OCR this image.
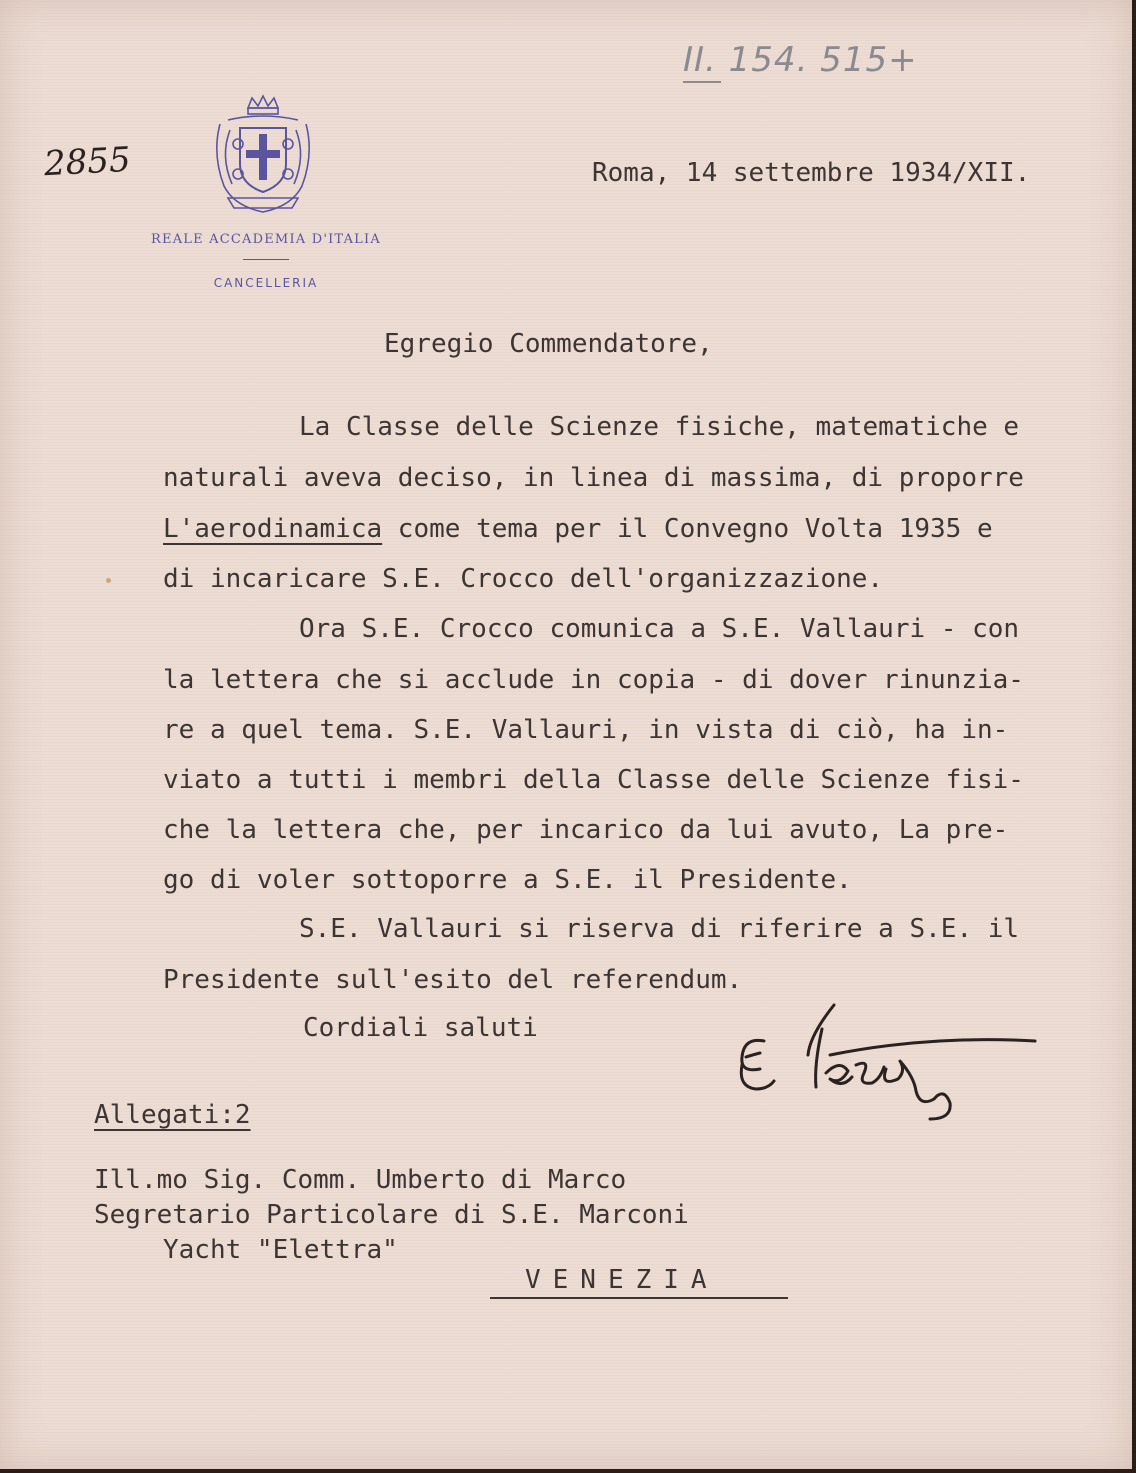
II. 154. 515+
2855
REALE ACCADEMIA D'ITALIA
CANCELLERIA
Roma, 14 settembre 1934/XII.
Egregio Commendatore,
La Classe delle Scienze fisiche, matematiche e
naturali aveva deciso, in linea di massima, di proporre
L'aerodinamica come tema per il Convegno Volta 1935 e
di incaricare S.E. Crocco dell'organizzazione.
Ora S.E. Crocco comunica a S.E. Vallauri - con
la lettera che si acclude in copia - di dover rinunzia-
re a quel tema. S.E. Vallauri, in vista di ciò, ha in-
viato a tutti i membri della Classe delle Scienze fisi-
che la lettera che, per incarico da lui avuto, La pre-
go di voler sottoporre a S.E. il Presidente.
S.E. Vallauri si riserva di riferire a S.E. il
Presidente sull'esito del referendum.
Cordiali saluti
Allegati:2
Ill.mo Sig. Comm. Umberto di Marco
Segretario Particolare di S.E. Marconi
Yacht "Elettra"
VENEZIA
